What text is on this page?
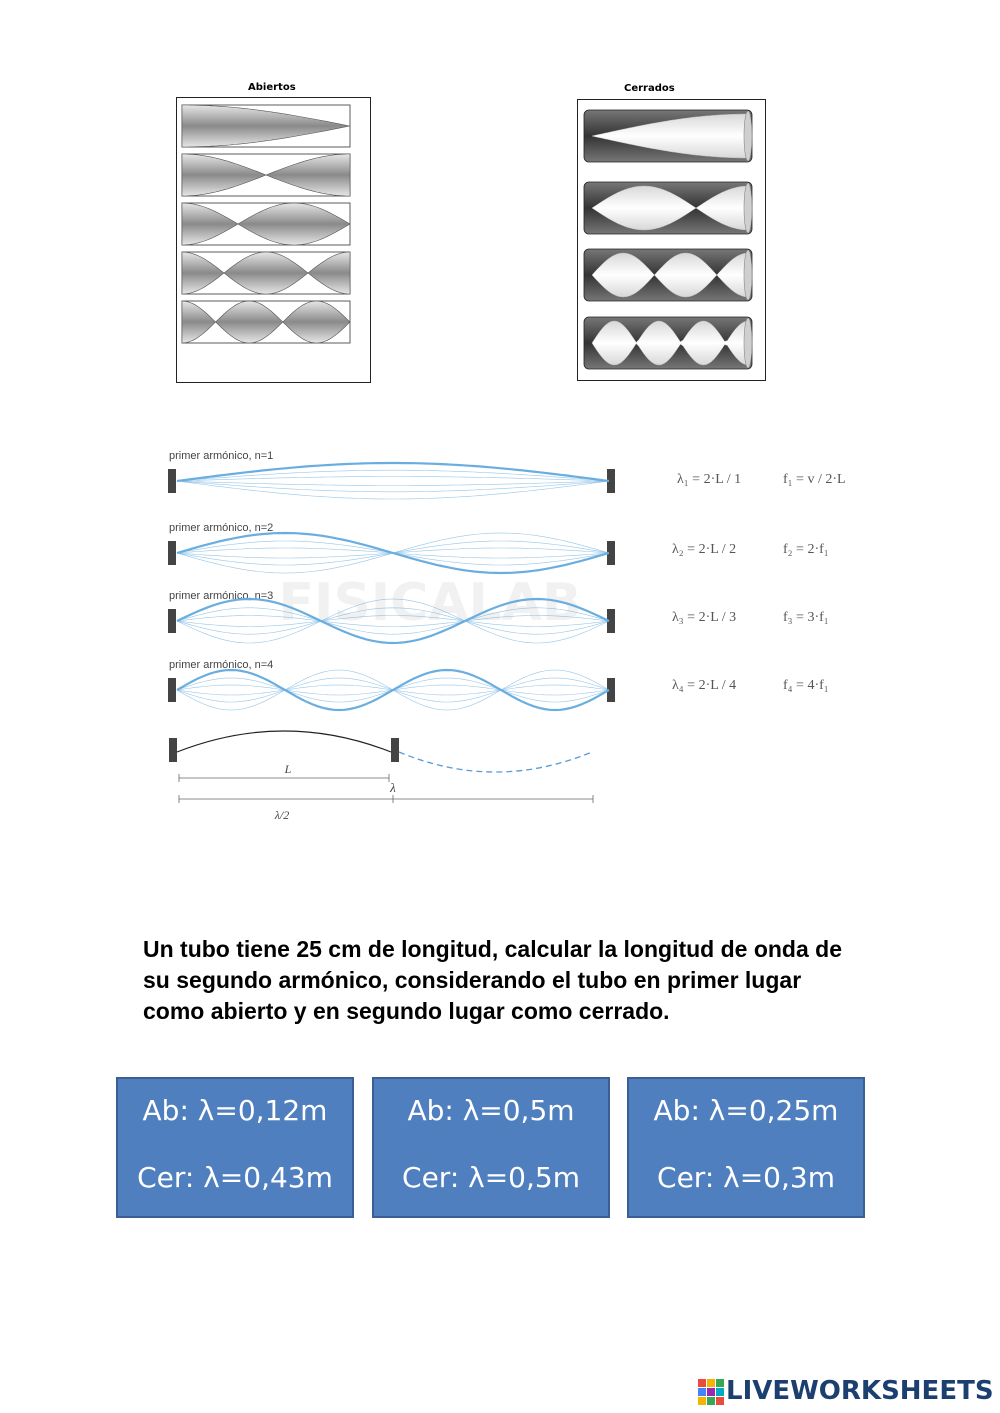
Abiertos	Cerrados
FISICALAB
primer armónico, n=1
primer armónico, n=2
primer armónico, n=3
primer armónico, n=4
L
λ
λ/2
λ₁ = 2·L / 1	f₁ = v / 2·L
λ₂ = 2·L / 2	f₂ = 2·f₁
λ₃ = 2·L / 3	f₃ = 3·f₁
λ₄ = 2·L / 4	f₄ = 4·f₁
Un tubo tiene 25 cm de longitud, calcular la longitud de onda de su segundo armónico, considerando el tubo en primer lugar como abierto y en segundo lugar como cerrado.
Ab: λ=0,12m
Cer: λ=0,43m
Ab: λ=0,5m
Cer: λ=0,5m
Ab: λ=0,25m
Cer: λ=0,3m
LIVEWORKSHEETS
